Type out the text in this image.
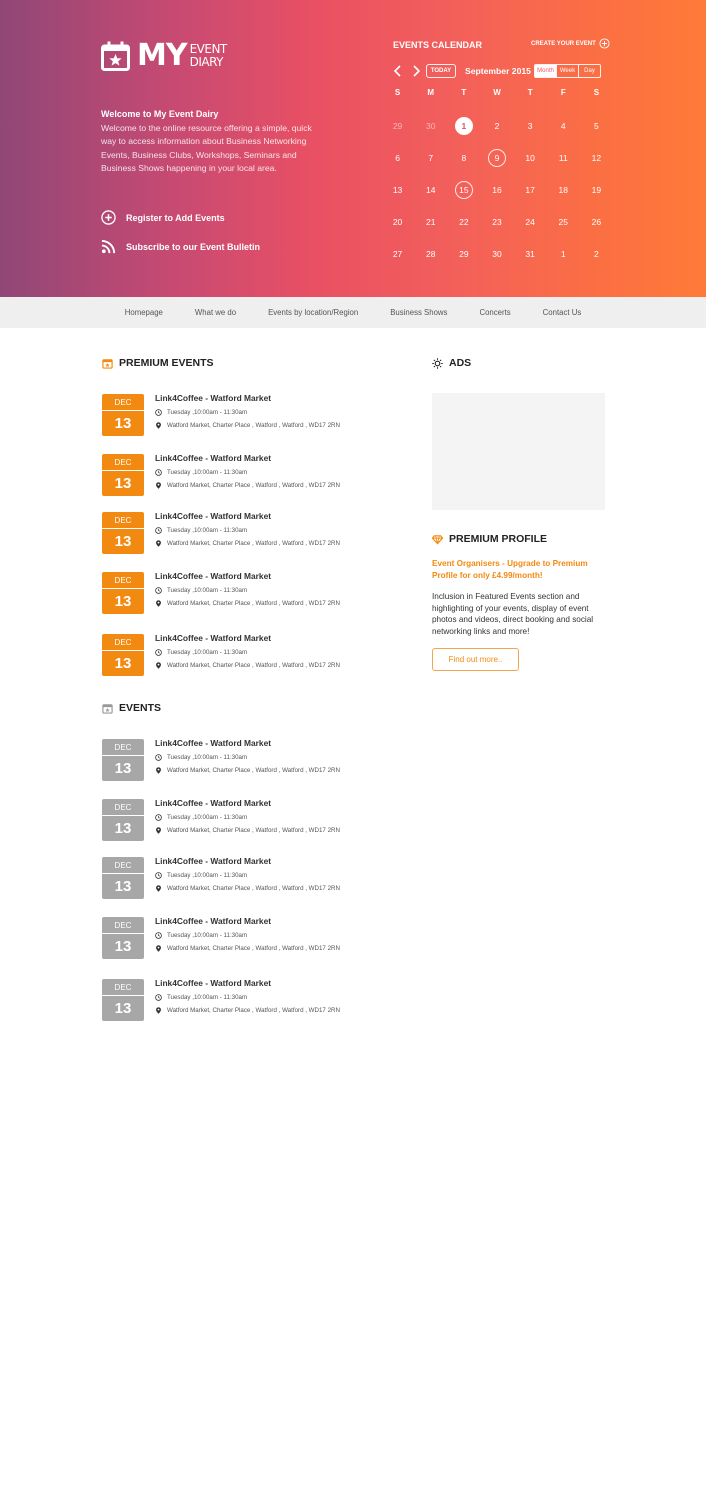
MY EVENT
DIARY
Welcome to My Event Dairy

Welcome to the online resource offering a simple, quick way to access information about Business Networking Events, Business Clubs, Workshops, Seminars and Business Shows happening in your local area.

Register to Add Events
Subscribe to our Event Bulletin
EVENTS CALENDAR	CREATE YOUR EVENT
TODAY	September 2015	Month	Week	Day
S	M	T	W	T	F	S
29	30	1	2	3	4	5
6	7	8	9	10	11	12
13	14	15	16	17	18	19
20	21	22	23	24	25	26
27	28	29	30	31	1	2
Homepage	What we do	Events by location/Region	Business Shows	Concerts	Contact Us
PREMIUM EVENTS
DEC
13
Link4Coffee - Watford Market
Tuesday ,10:00am - 11:30am
Watford Market, Charter Place , Watford , Watford , WD17 2RN
DEC
13
Link4Coffee - Watford Market
Tuesday ,10:00am - 11:30am
Watford Market, Charter Place , Watford , Watford , WD17 2RN
DEC
13
Link4Coffee - Watford Market
Tuesday ,10:00am - 11:30am
Watford Market, Charter Place , Watford , Watford , WD17 2RN
DEC
13
Link4Coffee - Watford Market
Tuesday ,10:00am - 11:30am
Watford Market, Charter Place , Watford , Watford , WD17 2RN
DEC
13
Link4Coffee - Watford Market
Tuesday ,10:00am - 11:30am
Watford Market, Charter Place , Watford , Watford , WD17 2RN
EVENTS
DEC
13
Link4Coffee - Watford Market
Tuesday ,10:00am - 11:30am
Watford Market, Charter Place , Watford , Watford , WD17 2RN
DEC
13
Link4Coffee - Watford Market
Tuesday ,10:00am - 11:30am
Watford Market, Charter Place , Watford , Watford , WD17 2RN
DEC
13
Link4Coffee - Watford Market
Tuesday ,10:00am - 11:30am
Watford Market, Charter Place , Watford , Watford , WD17 2RN
DEC
13
Link4Coffee - Watford Market
Tuesday ,10:00am - 11:30am
Watford Market, Charter Place , Watford , Watford , WD17 2RN
DEC
13
Link4Coffee - Watford Market
Tuesday ,10:00am - 11:30am
Watford Market, Charter Place , Watford , Watford , WD17 2RN
ADS
PREMIUM PROFILE
Event Organisers - Upgrade to Premium Profile for only £4.99/month!
Inclusion in Featured Events section and highlighting of your events, display of event photos and videos, direct booking and social networking links and more!
Find out more..
